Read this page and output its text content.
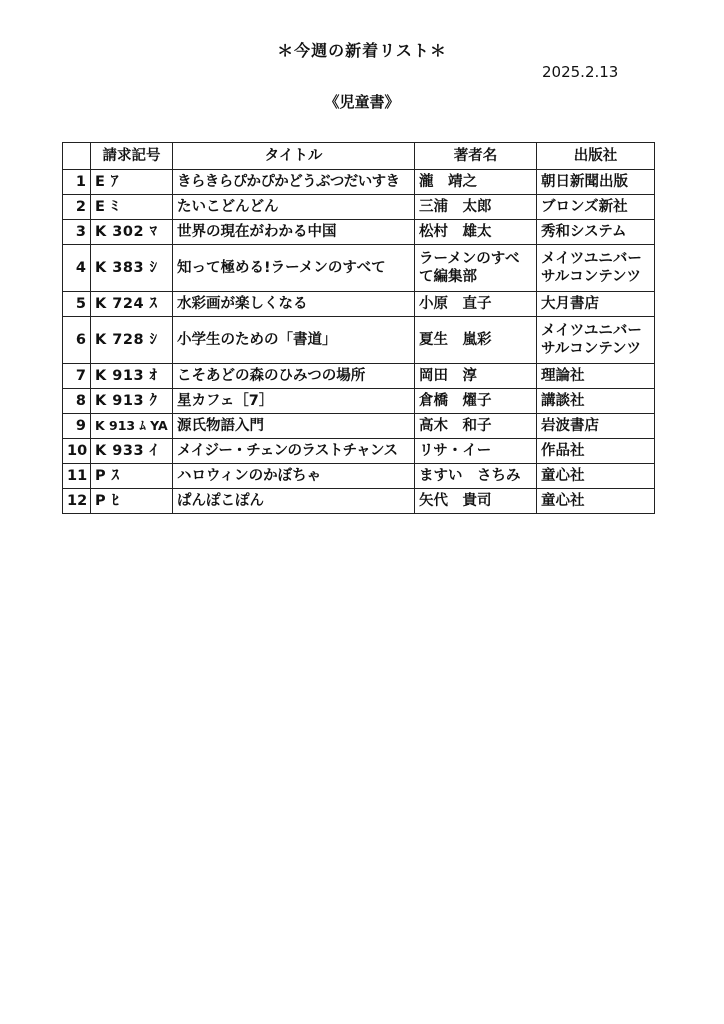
＊今週の新着リスト＊
2025.2.13
《児童書》
	請求記号	タイトル	著者名	出版社
1	E ｱ	きらきらぴかぴかどうぶつだいすき	瀧　靖之	朝日新聞出版
2	E ﾐ	たいこどんどん	三浦　太郎	ブロンズ新社
3	K 302 ﾏ	世界の現在がわかる中国	松村　雄太	秀和システム
4	K 383 ｼ	知って極める!ラーメンのすべて	ラーメンのすべて編集部	メイツユニバーサルコンテンツ
5	K 724 ｽ	水彩画が楽しくなる	小原　直子	大月書店
6	K 728 ｼ	小学生のための「書道」	夏生　嵐彩	メイツユニバーサルコンテンツ
7	K 913 ｵ	こそあどの森のひみつの場所	岡田　淳	理論社
8	K 913 ｸ	星カフェ［7］	倉橋　燿子	講談社
9	K 913 ﾑ YA	源氏物語入門	高木　和子	岩波書店
10	K 933 ｲ	メイジー・チェンのラストチャンス	リサ・イー	作品社
11	P ｽ	ハロウィンのかぼちゃ	ますい　さちみ	童心社
12	P ﾋ	ぱんぽこぽん	矢代　貴司	童心社
